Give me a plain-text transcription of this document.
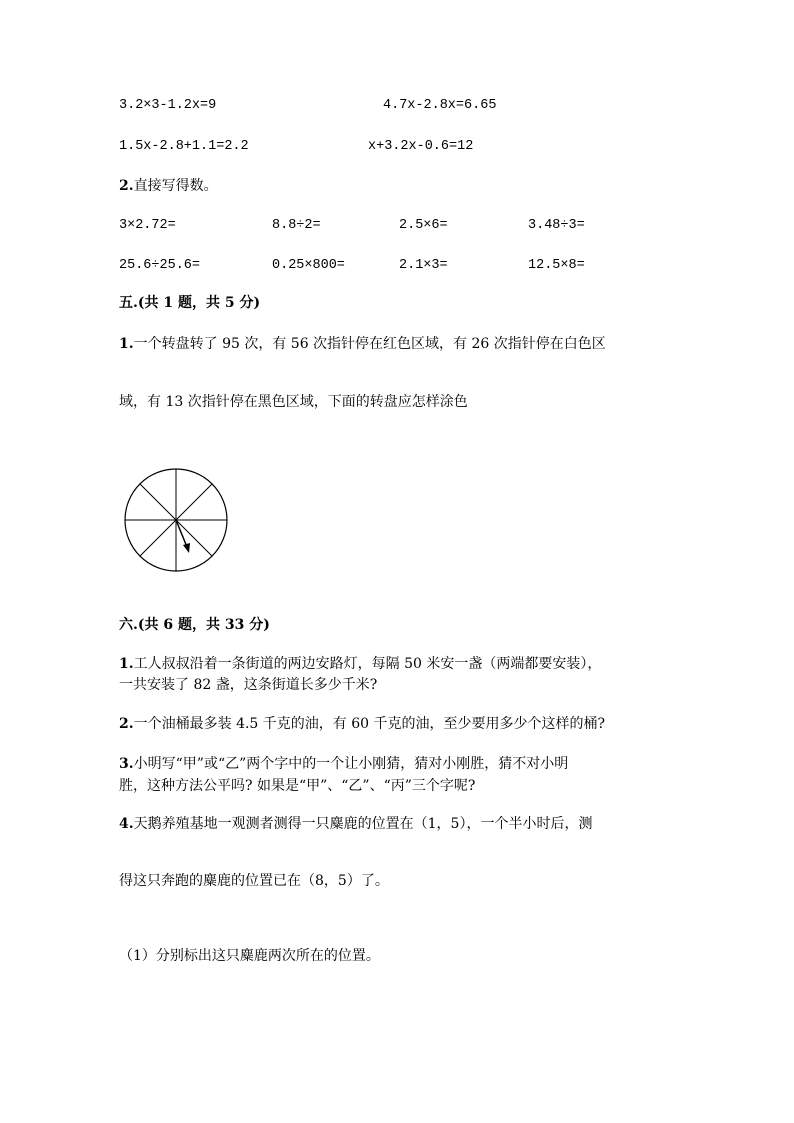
3.2×3-1.2x=9	4.7x-2.8x=6.65
1.5x-2.8+1.1=2.2	x+3.2x-0.6=12
2.直接写得数。
3×2.72=	8.8÷2=	2.5×6=	3.48÷3=
25.6÷25.6=	0.25×800=	2.1×3=	12.5×8=
五.(共 1 题，共 5 分)
1.一个转盘转了 95 次，有 56 次指针停在红色区域，有 26 次指针停在白色区
域，有 13 次指针停在黑色区域，下面的转盘应怎样涂色
六.(共 6 题，共 33 分)
1.工人叔叔沿着一条街道的两边安路灯，每隔 50 米安一盏（两端都要安装），
一共安装了 82 盏，这条街道长多少千米?
2.一个油桶最多装 4.5 千克的油，有 60 千克的油，至少要用多少个这样的桶?
3.小明写“甲”或“乙”两个字中的一个让小刚猜，猜对小刚胜，猜不对小明
胜，这种方法公平吗? 如果是“甲”、“乙”、“丙”三个字呢?
4.天鹅养殖基地一观测者测得一只麋鹿的位置在（1，5），一个半小时后，测
得这只奔跑的麋鹿的位置已在（8，5）了。
（1）分别标出这只麋鹿两次所在的位置。
